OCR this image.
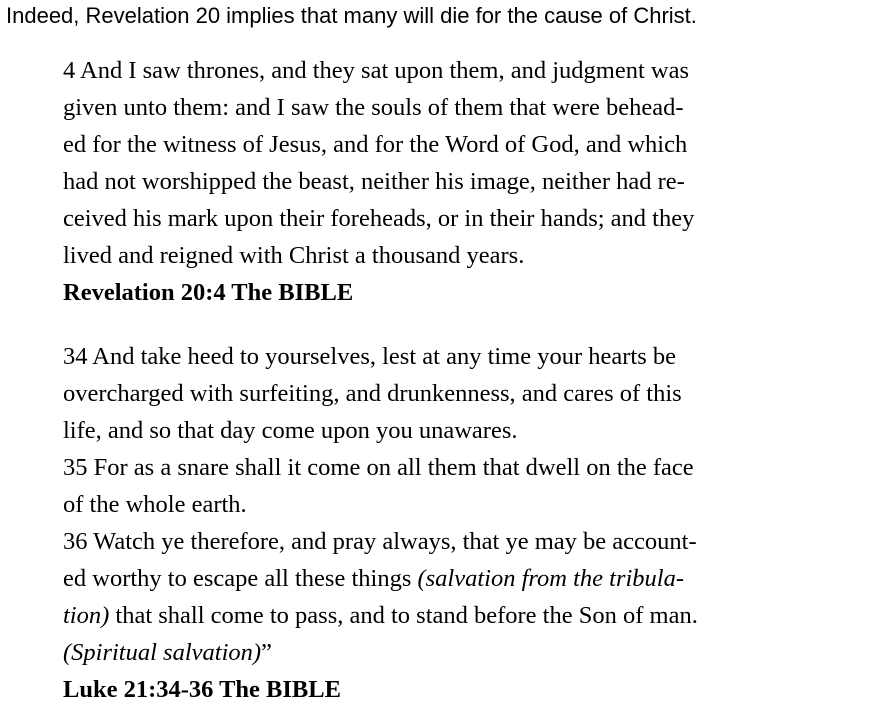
Indeed, Revelation 20 implies that many will die for the cause of Christ.
4 And I saw thrones, and they sat upon them, and judgment was
given unto them: and I saw the souls of them that were behead-
ed for the witness of Jesus, and for the Word of God, and which
had not worshipped the beast, neither his image, neither had re-
ceived his mark upon their foreheads, or in their hands; and they
lived and reigned with Christ a thousand years.
Revelation 20:4 The BIBLE
34 And take heed to yourselves, lest at any time your hearts be
overcharged with surfeiting, and drunkenness, and cares of this
life, and so that day come upon you unawares.
35 For as a snare shall it come on all them that dwell on the face
of the whole earth.
36 Watch ye therefore, and pray always, that ye may be account-
ed worthy to escape all these things (salvation from the tribula-
tion) that shall come to pass, and to stand before the Son of man.
(Spiritual salvation)”
Luke 21:34-36 The BIBLE
